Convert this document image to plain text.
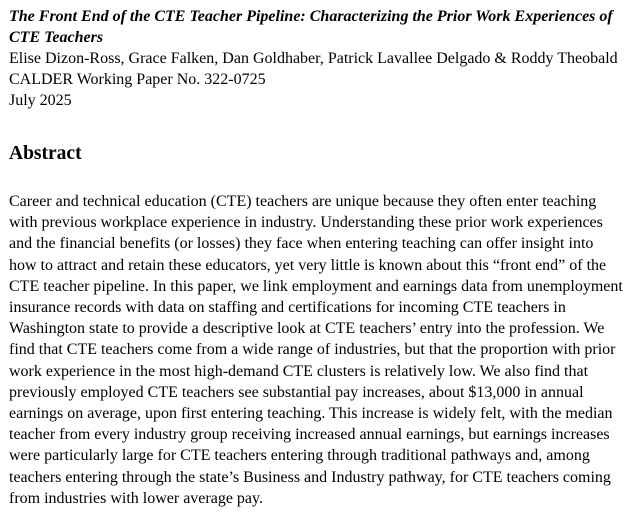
The Front End of the CTE Teacher Pipeline: Characterizing the Prior Work Experiences of

CTE Teachers

Elise Dizon-Ross, Grace Falken, Dan Goldhaber, Patrick Lavallee Delgado & Roddy Theobald

CALDER Working Paper No. 322-0725

July 2025

Abstract

Career and technical education (CTE) teachers are unique because they often enter teaching
with previous workplace experience in industry. Understanding these prior work experiences
and the financial benefits (or losses) they face when entering teaching can offer insight into
how to attract and retain these educators, yet very little is known about this “front end” of the
CTE teacher pipeline. In this paper, we link employment and earnings data from unemployment
insurance records with data on staffing and certifications for incoming CTE teachers in
Washington state to provide a descriptive look at CTE teachers’ entry into the profession. We
find that CTE teachers come from a wide range of industries, but that the proportion with prior
work experience in the most high-demand CTE clusters is relatively low. We also find that
previously employed CTE teachers see substantial pay increases, about $13,000 in annual
earnings on average, upon first entering teaching. This increase is widely felt, with the median
teacher from every industry group receiving increased annual earnings, but earnings increases
were particularly large for CTE teachers entering through traditional pathways and, among
teachers entering through the state’s Business and Industry pathway, for CTE teachers coming
from industries with lower average pay.
